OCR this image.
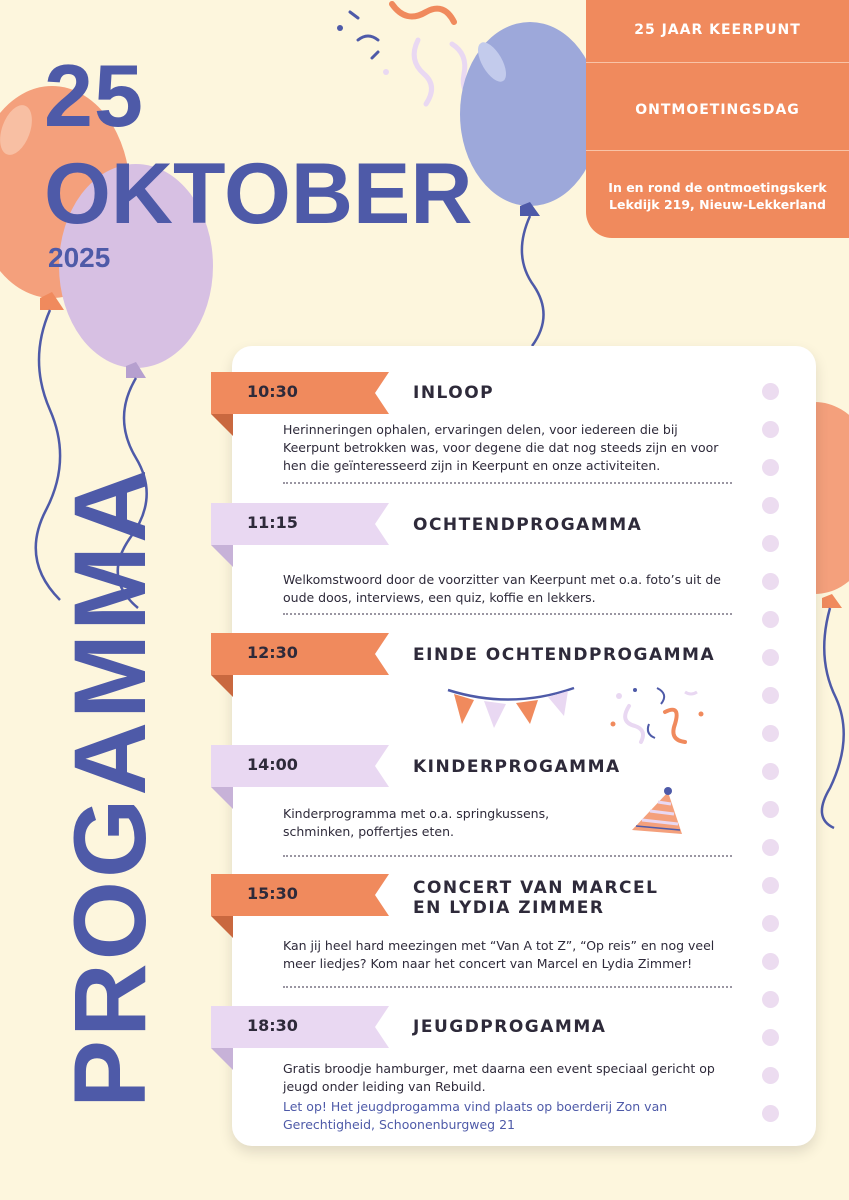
25
OKTOBER
2025
PROGAMMA
25 JAAR KEERPUNT
ONTMOETINGSDAG
In en rond de ontmoetingskerk
Lekdijk 219, Nieuw-Lekkerland
10:30	INLOOP
Herinneringen ophalen, ervaringen delen, voor iedereen die bij Keerpunt betrokken was, voor degene die dat nog steeds zijn en voor hen die geïnteresseerd zijn in Keerpunt en onze activiteiten.
11:15	OCHTENDPROGAMMA
Welkomstwoord door de voorzitter van Keerpunt met o.a. foto’s uit de oude doos, interviews, een quiz, koffie en lekkers.
12:30	EINDE OCHTENDPROGAMMA
14:00	KINDERPROGAMMA
Kinderprogramma met o.a. springkussens, schminken, poffertjes eten.
15:30	CONCERT VAN MARCEL
EN LYDIA ZIMMER
Kan jij heel hard meezingen met “Van A tot Z”, “Op reis” en nog veel meer liedjes? Kom naar het concert van Marcel en Lydia Zimmer!
18:30	JEUGDPROGAMMA
Gratis broodje hamburger, met daarna een event speciaal gericht op jeugd onder leiding van Rebuild.
Let op! Het jeugdprogamma vind plaats op boerderij Zon van Gerechtigheid, Schoonenburgweg 21
